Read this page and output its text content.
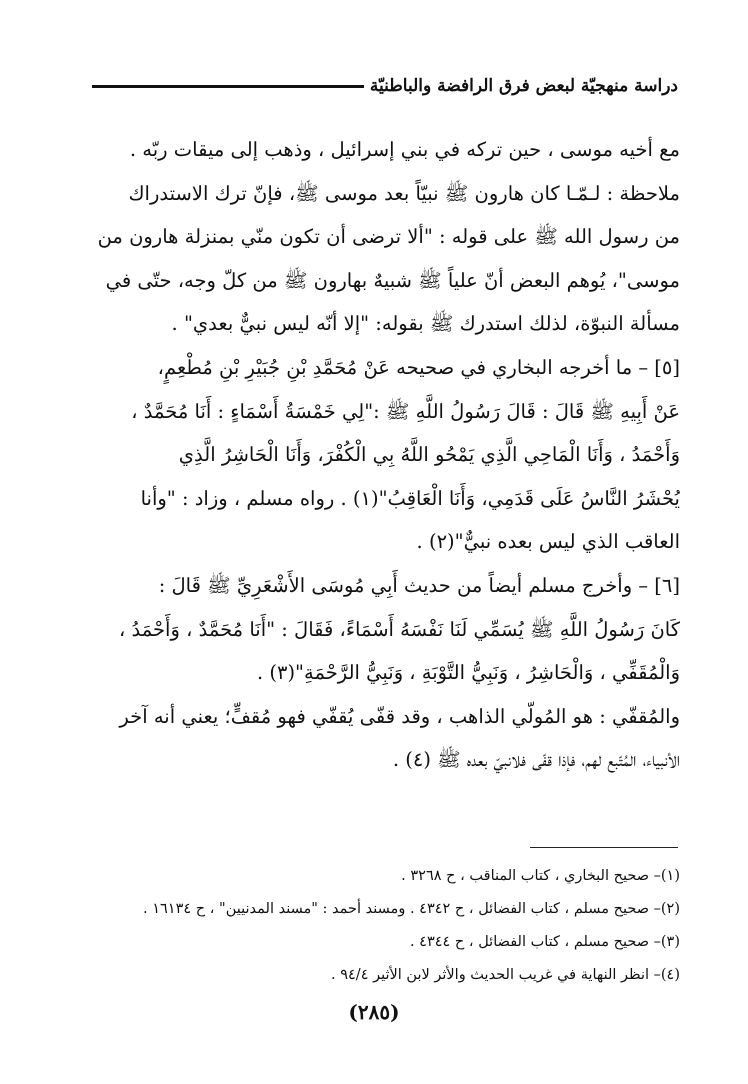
دراسة منهجيّة لبعض فرق الرافضة والباطنيّة
مع أخيه موسى ، حين تركه في بني إسرائيل ، وذهب إلى ميقات ربّه .
ملاحظة : لـمّـا كان هارون ﷺ نبيّاً بعد موسى ﷺ، فإنّ ترك الاستدراك
من رسول الله ﷺ على قوله : "ألا ترضى أن تكون منّي بمنزلة هارون من
موسى"، يُوهم البعض أنّ علياً ﷺ شبيهٌ بهارون ﷺ من كلّ وجه، حتّى في
مسألة النبوّة، لذلك استدرك ﷺ بقوله: "إلا أنّه ليس نبيٌّ بعدي" .
[٥] – ما أخرجه البخاري في صحيحه عَنْ مُحَمَّدِ بْنِ جُبَيْرِ بْنِ مُطْعِمٍ،
عَنْ أَبِيهِ ﷺ قَالَ : قَالَ رَسُولُ اللَّهِ ﷺ :"لِي خَمْسَةُ أَسْمَاءٍ : أَنَا مُحَمَّدٌ ،
وَأَحْمَدُ ، وَأَنَا الْمَاحِي الَّذِي يَمْحُو اللَّهُ بِي الْكُفْرَ، وَأَنَا الْحَاشِرُ الَّذِي
يُحْشَرُ النَّاسُ عَلَى قَدَمِي، وَأَنَا الْعَاقِبُ"(١) . رواه مسلم ، وزاد : "وأنا
العاقب الذي ليس بعده نبيٌّ"(٢) .
[٦] – وأخرج مسلم أيضاً من حديث أَبِي مُوسَى الأَشْعَرِيِّ ﷺ قَالَ :
كَانَ رَسُولُ اللَّهِ ﷺ يُسَمِّي لَنَا نَفْسَهُ أَسْمَاءً، فَقَالَ : "أَنَا مُحَمَّدٌ ، وَأَحْمَدُ ،
وَالْمُقَفِّي ، وَالْحَاشِرُ ، وَنَبِيُّ التَّوْبَةِ ، وَنَبِيُّ الرَّحْمَةِ"(٣) .
والمُقفّي : هو المُولّي الذاهب ، وقد قفّى يُقفّي فهو مُقفٍّ؛ يعني أنه آخر
الأنبياء، المُتّبع لهم، فإذا قفّى فلانبيّ بعده ﷺ (٤) .
(١)– صحيح البخاري ، كتاب المناقب ، ح ٣٢٦٨ .
(٢)– صحيح مسلم ، كتاب الفضائل ، ح ٤٣٤٢ . ومسند أحمد : "مسند المدنيين" ، ح ١٦١٣٤ .
(٣)– صحيح مسلم ، كتاب الفضائل ، ح ٤٣٤٤ .
(٤)– انظر النهاية في غريب الحديث والأثر لابن الأثير ٩٤/٤ .
(٢٨٥)
